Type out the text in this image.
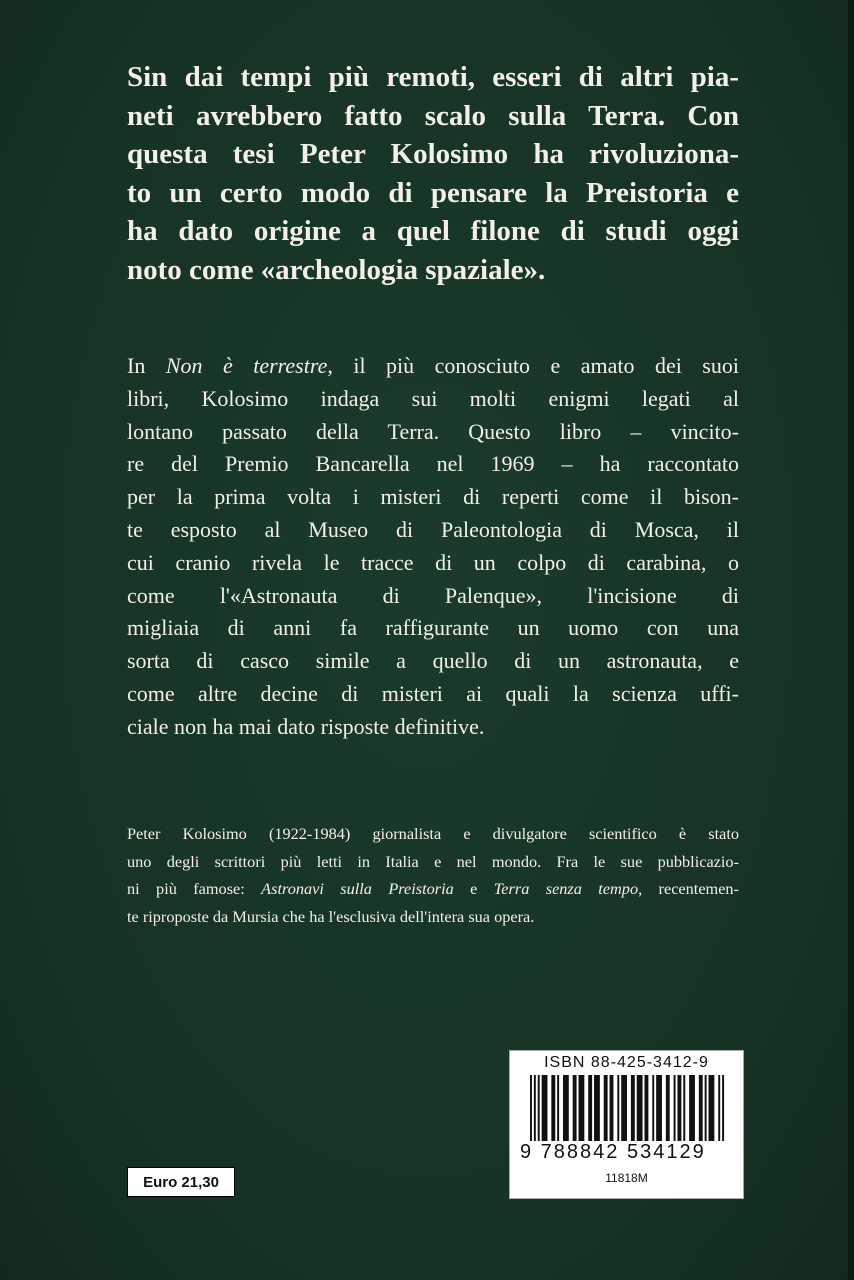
Sin dai tempi più remoti, esseri di altri pia-
neti avrebbero fatto scalo sulla Terra. Con
questa tesi Peter Kolosimo ha rivoluziona-
to un certo modo di pensare la Preistoria e
ha dato origine a quel filone di studi oggi
noto come «archeologia spaziale».
In Non è terrestre, il più conosciuto e amato dei suoi
libri, Kolosimo indaga sui molti enigmi legati al
lontano passato della Terra. Questo libro – vincito-
re del Premio Bancarella nel 1969 – ha raccontato
per la prima volta i misteri di reperti come il bison-
te esposto al Museo di Paleontologia di Mosca, il
cui cranio rivela le tracce di un colpo di carabina, o
come l'«Astronauta di Palenque», l'incisione di
migliaia di anni fa raffigurante un uomo con una
sorta di casco simile a quello di un astronauta, e
come altre decine di misteri ai quali la scienza uffi-
ciale non ha mai dato risposte definitive.
Peter Kolosimo (1922-1984) giornalista e divulgatore scientifico è stato
uno degli scrittori più letti in Italia e nel mondo. Fra le sue pubblicazio-
ni più famose: Astronavi sulla Preistoria e Terra senza tempo, recentemen-
te riproposte da Mursia che ha l'esclusiva dell'intera sua opera.
Euro 21,30
ISBN 88-425-3412-9
9 788842 534129
11818M
